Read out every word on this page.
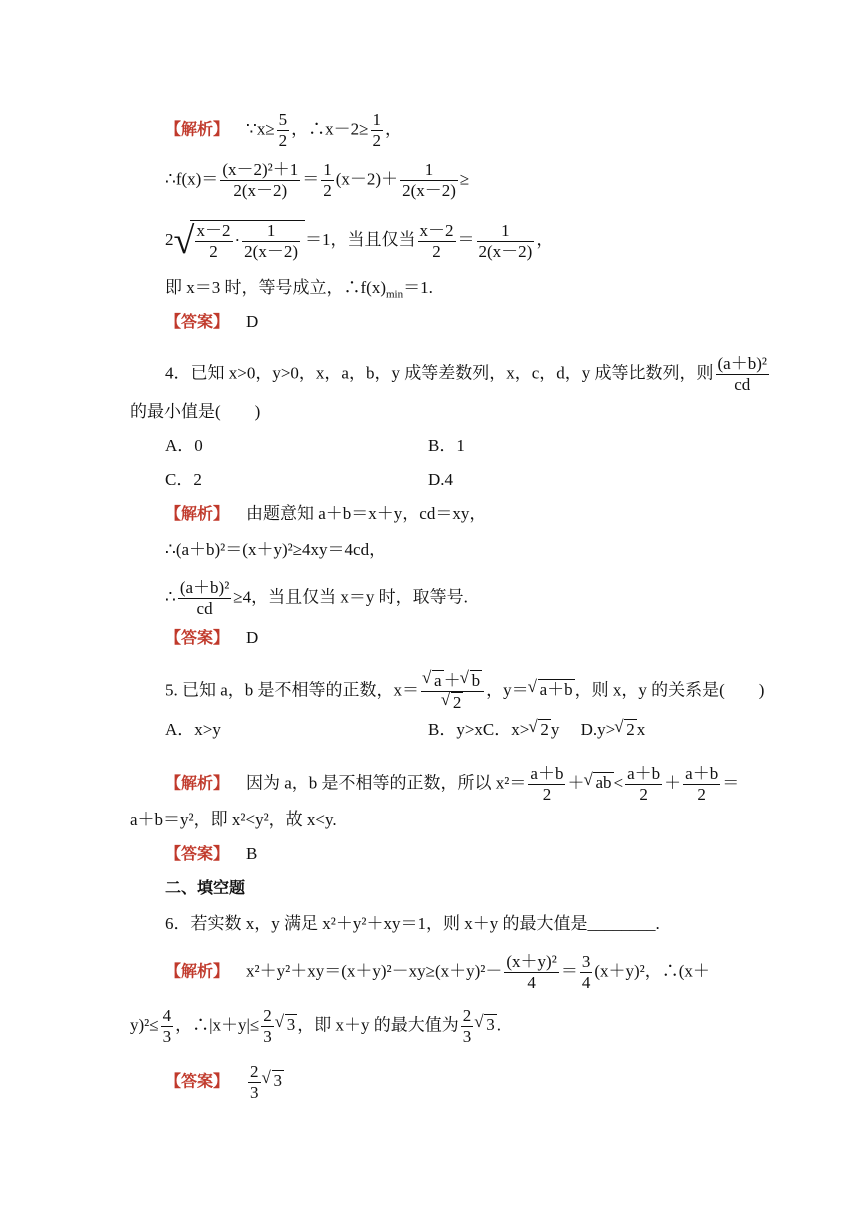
【解析】 ∵x≥ $\frac{5}{2}$ ，∴x－2≥ $\frac{1}{2}$ ，
∴f(x)＝ $\frac{\text{(x－2)²＋1}}{2(x-2)} = \frac{1}{2} (x-2)+ \frac{1}{2(x-2)}$ ≥
2 √ $\frac{x-2}{2} \cdot \frac{1}{2(x-2)} =1$，当且仅当 $\frac{x-2}{2} = \frac{1}{2(x-2)}$ ，
即 x＝3 时，等号成立，$\therefore f(x)_{min}=1$.
【答案】 D
4．已知 x>0，y>0，x，a，b，y 成等差数列，x，c，d，y 成等比数列，则 $\frac{\text{(a＋b)²}}{cd}$
的最小值是(　　)
A．0	B．1
C．2	D.4
【解析】 由题意知 a＋b＝x＋y，cd＝xy，
∴(a＋b)²＝(x＋y)²≥4xy＝4cd，
∴ $\frac{\text{(a＋b)²}}{cd} \ge 4$，当且仅当 x＝y 时，取等号.
【答案】 D
5. 已知 a，b 是不相等的正数，x＝ √ a ＋ √ b
√ 2 ，y＝ √ a＋b ，则 x，y 的关系是(　　)
A．x>y	B．y>xC．x> √ 2 y D.y> √ 2 x
【解析】 因为 a，b 是不相等的正数，所以 $x^2= \frac{a+b}{2}$ ＋ √ ab < $\frac{a+b}{2} + \frac{a+b}{2}$ ＝
a＋b＝y²，即 x²<y²，故 x<y.
【答案】 B
二、填空题
6．若实数 x，y 满足 x²＋y²＋xy＝1，则 x＋y 的最大值是________.
【解析】 $x^2+y^2+xy=(x+y)^2-xy\ge(x+y)^2- \frac{\text{(x＋y)²}}{4} = \frac{3}{4} (x+y)^2$，∴(x＋
$y)^2\le \frac{4}{3}$ ，∴|x＋y|≤ $\frac{2}{3}$ √ 3 ，即 x＋y 的最大值为 $\frac{2}{3}$ √ 3 .
【答案】 $\frac{2}{3}$ √ 3
